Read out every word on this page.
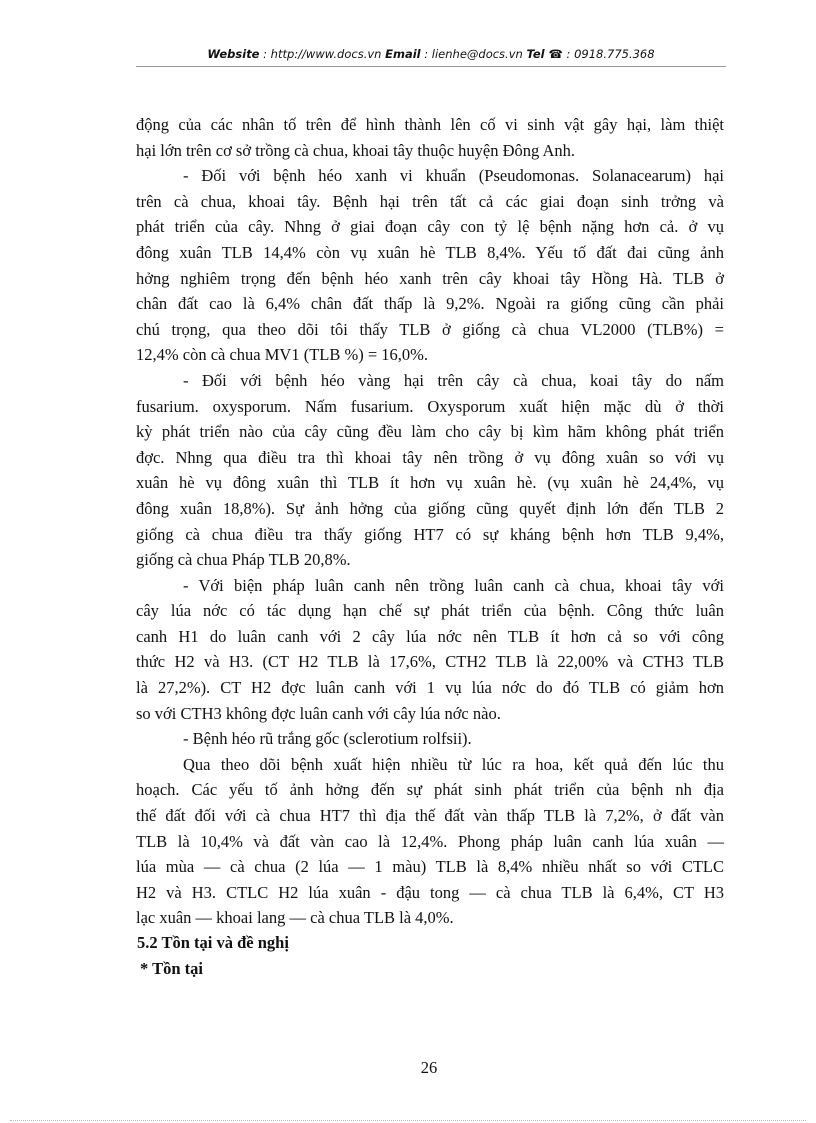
Website : http://www.docs.vn Email : lienhe@docs.vn Tel ☎ : 0918.775.368
động của các nhân tố trên để hình thành lên cố vi sinh vật gây hại, làm thiệt
hại lớn trên cơ sở trồng cà chua, khoai tây thuộc huyện Đông Anh.
- Đối với bệnh héo xanh vi khuẩn (Pseudomonas. Solanacearum) hại
trên cà chua, khoai tây. Bệnh hại trên tất cả các giai đoạn sinh trởng và
phát triển của cây. Nhng ở giai đoạn cây con tỷ lệ bệnh nặng hơn cả. ở vụ
đông xuân TLB 14,4% còn vụ xuân hè TLB 8,4%. Yếu tố đất đai cũng ảnh
hởng nghiêm trọng đến bệnh héo xanh trên cây khoai tây Hồng Hà. TLB ở
chân đất cao là 6,4% chân đất thấp là 9,2%. Ngoài ra giống cũng cần phải
chú trọng, qua theo dõi tôi thấy TLB ở giống cà chua VL2000 (TLB%) =
12,4% còn cà chua MV1 (TLB %) = 16,0%.
- Đối với bệnh héo vàng hại trên cây cà chua, koai tây do nấm
fusarium. oxysporum. Nấm fusarium. Oxysporum xuất hiện mặc dù ở thời
kỳ phát triển nào của cây cũng đều làm cho cây bị kìm hãm không phát triển
đợc. Nhng qua điều tra thì khoai tây nên trồng ở vụ đông xuân so với vụ
xuân hè vụ đông xuân thì TLB ít hơn vụ xuân hè. (vụ xuân hè 24,4%, vụ
đông xuân 18,8%). Sự ảnh hởng của giống cũng quyết định lớn đến TLB 2
giống cà chua điều tra thấy giống HT7 có sự kháng bệnh hơn TLB 9,4%,
giống cà chua Pháp TLB 20,8%.
- Với biện pháp luân canh nên trồng luân canh cà chua, khoai tây với
cây lúa nớc có tác dụng hạn chế sự phát triển của bệnh. Công thức luân
canh H1 do luân canh với 2 cây lúa nớc nên TLB ít hơn cả so với công
thức H2 và H3. (CT H2 TLB là 17,6%, CTH2 TLB là 22,00% và CTH3 TLB
là 27,2%). CT H2 đợc luân canh với 1 vụ lúa nớc do đó TLB có giảm hơn
so với CTH3 không đợc luân canh với cây lúa nớc nào.
- Bệnh héo rũ trắng gốc (sclerotium rolfsii).
Qua theo dõi bệnh xuất hiện nhiều từ lúc ra hoa, kết quả đến lúc thu
hoạch. Các yếu tố ảnh hởng đến sự phát sinh phát triển của bệnh nh địa
thế đất đối với cà chua HT7 thì địa thế đất vàn thấp TLB là 7,2%, ở đất vàn
TLB là 10,4% và đất vàn cao là 12,4%. Phong pháp luân canh lúa xuân —
lúa mùa — cà chua (2 lúa — 1 màu) TLB là 8,4% nhiều nhất so với CTLC
H2 và H3. CTLC H2 lúa xuân - đậu tong — cà chua TLB là 6,4%, CT H3
lạc xuân — khoai lang — cà chua TLB là 4,0%.
5.2 Tồn tại và đề nghị
* Tồn tại
26
